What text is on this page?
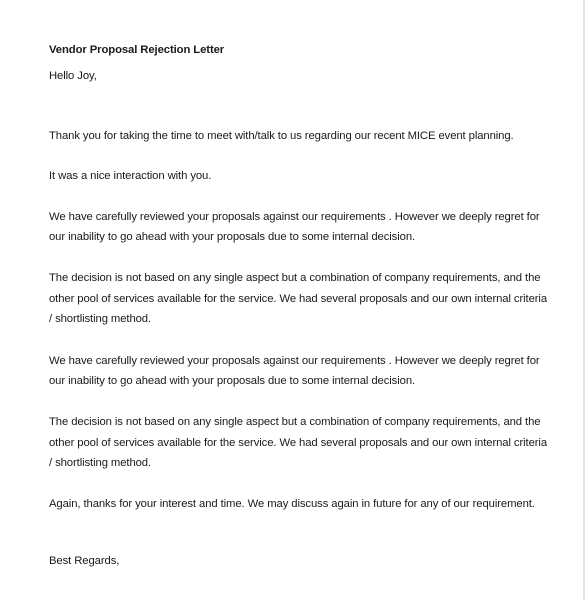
Vendor Proposal Rejection Letter

Hello Joy,

Thank you for taking the time to meet with/talk to us regarding our recent MICE event planning.

It was a nice interaction with you.

We have carefully reviewed your proposals against our requirements . However we deeply regret for our inability to go ahead with your proposals due to some internal decision.

The decision is not based on any single aspect but a combination of company requirements, and the other pool of services available for the service. We had several proposals and our own internal criteria / shortlisting method.

We have carefully reviewed your proposals against our requirements . However we deeply regret for our inability to go ahead with your proposals due to some internal decision.

The decision is not based on any single aspect but a combination of company requirements, and the other pool of services available for the service. We had several proposals and our own internal criteria / shortlisting method.

Again, thanks for your interest and time. We may discuss again in future for any of our requirement.

Best Regards,
